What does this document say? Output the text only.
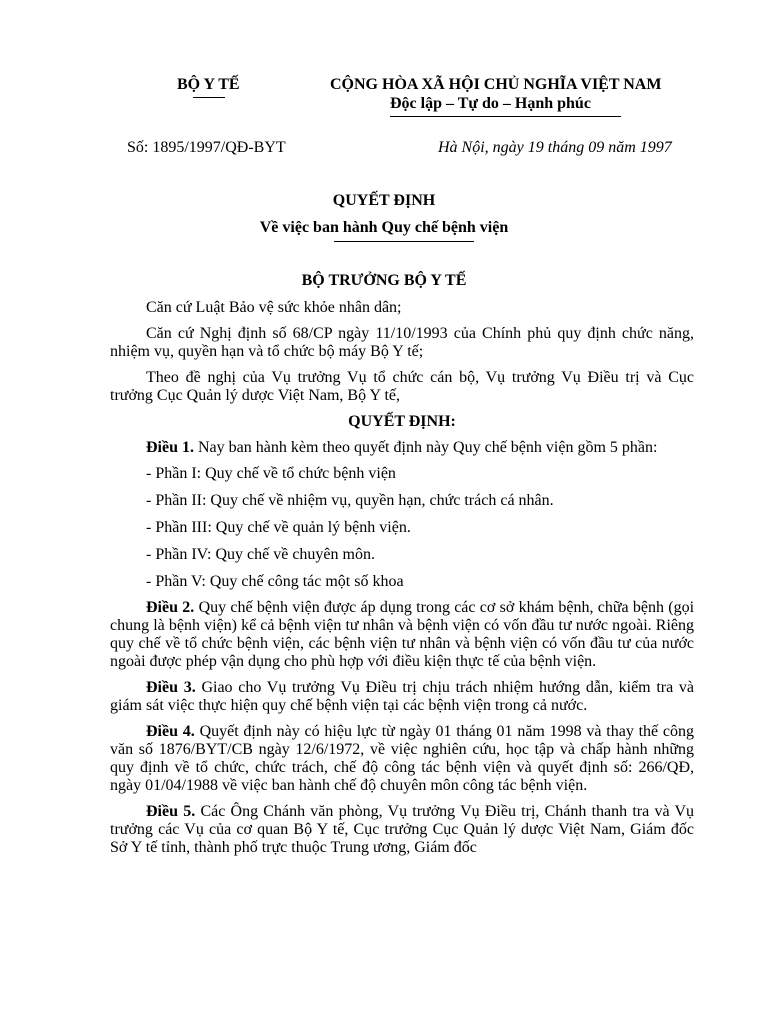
BỘ Y TẾ	CỘNG HÒA XÃ HỘI CHỦ NGHĨA VIỆT NAM
Độc lập – Tự do – Hạnh phúc
Số: 1895/1997/QĐ-BYT	Hà Nội, ngày 19 tháng 09 năm 1997
QUYẾT ĐỊNH
Về việc ban hành Quy chế bệnh viện
BỘ TRƯỞNG BỘ Y TẾ

Căn cứ Luật Bảo vệ sức khỏe nhân dân;

Căn cứ Nghị định số 68/CP ngày 11/10/1993 của Chính phủ quy định chức năng, nhiệm vụ, quyền hạn và tổ chức bộ máy Bộ Y tế;

Theo đề nghị của Vụ trưởng Vụ tổ chức cán bộ, Vụ trưởng Vụ Điều trị và Cục trưởng Cục Quản lý dược Việt Nam, Bộ Y tế,

QUYẾT ĐỊNH:

Điều 1. Nay ban hành kèm theo quyết định này Quy chế bệnh viện gồm 5 phần:

- Phần I: Quy chế về tổ chức bệnh viện

- Phần II: Quy chế về nhiệm vụ, quyền hạn, chức trách cá nhân.

- Phần III: Quy chế về quản lý bệnh viện.

- Phần IV: Quy chế về chuyên môn.

- Phần V: Quy chế công tác một số khoa

Điều 2. Quy chế bệnh viện được áp dụng trong các cơ sở khám bệnh, chữa bệnh (gọi chung là bệnh viện) kể cả bệnh viện tư nhân và bệnh viện có vốn đầu tư nước ngoài. Riêng quy chế về tổ chức bệnh viện, các bệnh viện tư nhân và bệnh viện có vốn đầu tư của nước ngoài được phép vận dụng cho phù hợp với điều kiện thực tế của bệnh viện.

Điều 3. Giao cho Vụ trưởng Vụ Điều trị chịu trách nhiệm hướng dẫn, kiểm tra và giám sát việc thực hiện quy chế bệnh viện tại các bệnh viện trong cả nước.

Điều 4. Quyết định này có hiệu lực từ ngày 01 tháng 01 năm 1998 và thay thế công văn số 1876/BYT/CB ngày 12/6/1972, về việc nghiên cứu, học tập và chấp hành những quy định về tổ chức, chức trách, chế độ công tác bệnh viện và quyết định số: 266/QĐ, ngày 01/04/1988 về việc ban hành chế độ chuyên môn công tác bệnh viện.

Điều 5. Các Ông Chánh văn phòng, Vụ trưởng Vụ Điều trị, Chánh thanh tra và Vụ trưởng các Vụ của cơ quan Bộ Y tế, Cục trưởng Cục Quản lý dược Việt Nam, Giám đốc Sở Y tế tỉnh, thành phố trực thuộc Trung ương, Giám đốc
